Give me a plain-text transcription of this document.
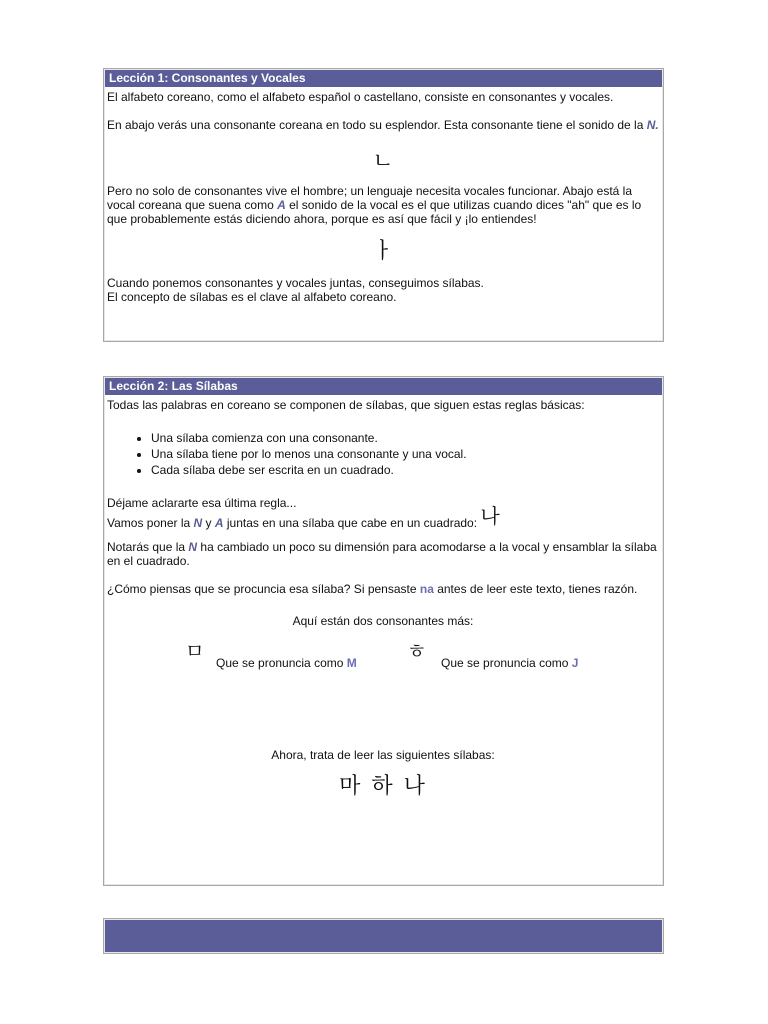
Lección 1: Consonantes y Vocales

El alfabeto coreano, como el alfabeto español o castellano, consiste en consonantes y vocales.

En abajo verás una consonante coreana en todo su esplendor. Esta consonante tiene el sonido de la N.

ㄴ

Pero no solo de consonantes vive el hombre; un lenguaje necesita vocales funcionar. Abajo está la vocal coreana que suena como A el sonido de la vocal es el que utilizas cuando dices "ah" que es lo que probablemente estás diciendo ahora, porque es así que fácil y ¡lo entiendes!

ㅏ

Cuando ponemos consonantes y vocales juntas, conseguimos sílabas.

El concepto de sílabas es el clave al alfabeto coreano.

Lección 2: Las Sílabas

Todas las palabras en coreano se componen de sílabas, que siguen estas reglas básicas:

• Una sílaba comienza con una consonante.
• Una sílaba tiene por lo menos una consonante y una vocal.
• Cada sílaba debe ser escrita en un cuadrado.

Déjame aclararte esa última regla...

Vamos poner la N y A juntas en una sílaba que cabe en un cuadrado: 나

Notarás que la N ha cambiado un poco su dimensión para acomodarse a la vocal y ensamblar la sílaba en el cuadrado.

¿Cómo piensas que se procuncia esa sílaba? Si pensaste na antes de leer este texto, tienes razón.

Aquí están dos consonantes más:

ㅁ Que se pronuncia como M	ㅎ Que se pronuncia como J

Ahora, trata de leer las siguientes sílabas:

마 하 나
